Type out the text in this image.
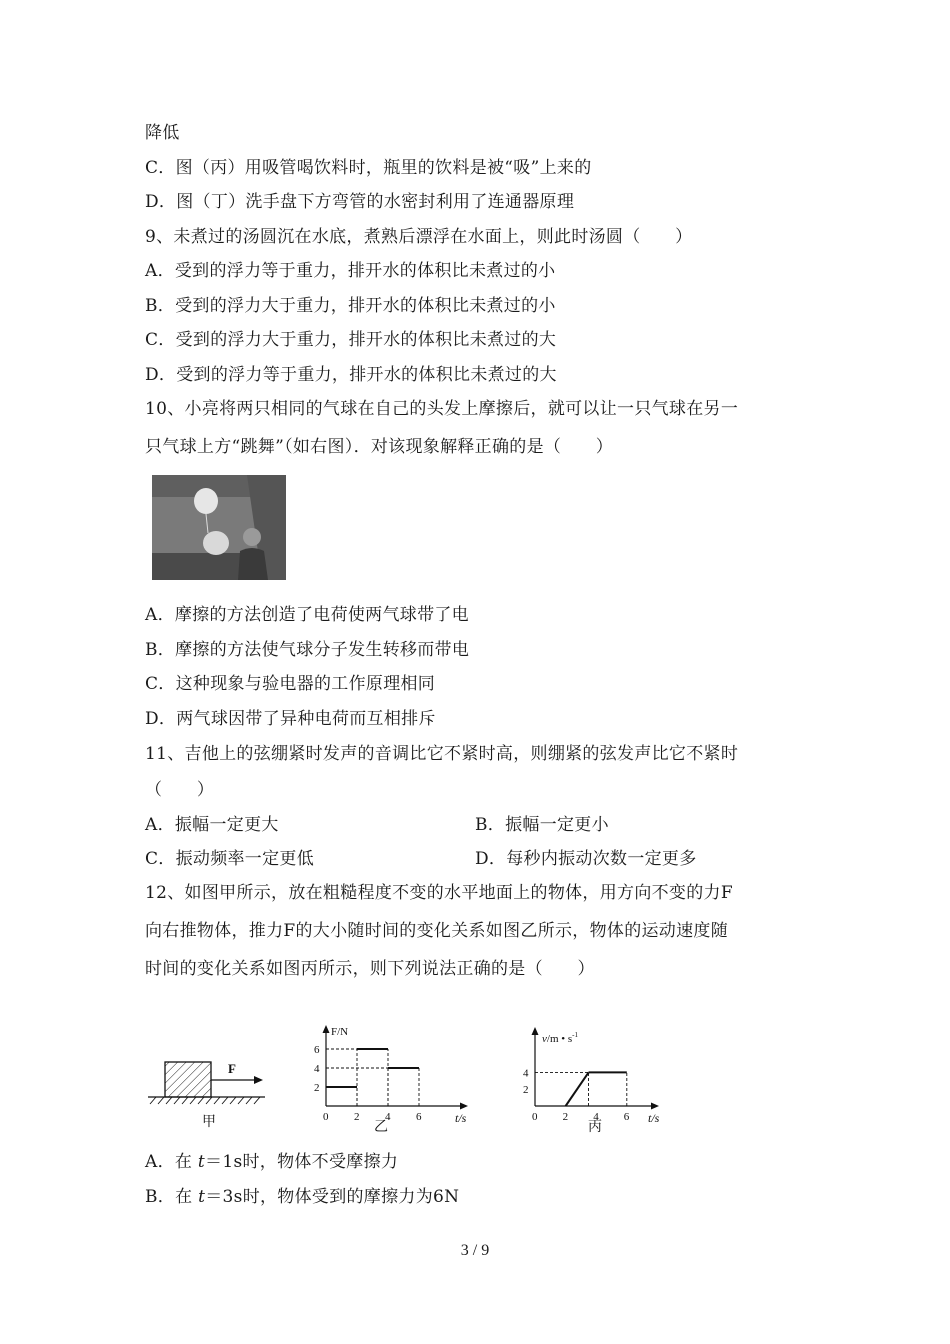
降低
C．图（丙）用吸管喝饮料时，瓶里的饮料是被“吸”上来的
D．图（丁）洗手盘下方弯管的水密封利用了连通器原理
9、未煮过的汤圆沉在水底，煮熟后漂浮在水面上，则此时汤圆（　　）
A．受到的浮力等于重力，排开水的体积比未煮过的小
B．受到的浮力大于重力，排开水的体积比未煮过的小
C．受到的浮力大于重力，排开水的体积比未煮过的大
D．受到的浮力等于重力，排开水的体积比未煮过的大
10、小亮将两只相同的气球在自己的头发上摩擦后，就可以让一只气球在另一
只气球上方“跳舞”（如右图）．对该现象解释正确的是（　　）
A．摩擦的方法创造了电荷使两气球带了电
B．摩擦的方法使气球分子发生转移而带电
C．这种现象与验电器的工作原理相同
D．两气球因带了异种电荷而互相排斥
11、吉他上的弦绷紧时发声的音调比它不紧时高，则绷紧的弦发声比它不紧时
（　　）
A．振幅一定更大	B．振幅一定更小
C．振动频率一定更低	D．每秒内振动次数一定更多
12、如图甲所示，放在粗糙程度不变的水平地面上的物体，用方向不变的力F
向右推物体，推力F的大小随时间的变化关系如图乙所示，物体的运动速度随
时间的变化关系如图丙所示，则下列说法正确的是（　　）
F
甲
F/N
t/s
乙
0 2 4 6
2
4
6
v/m • $s^{-1}$
t/s
丙
0 2 4 6
2
4
A．在 t＝1s时，物体不受摩擦力
B．在 t＝3s时，物体受到的摩擦力为6N
3 / 9
